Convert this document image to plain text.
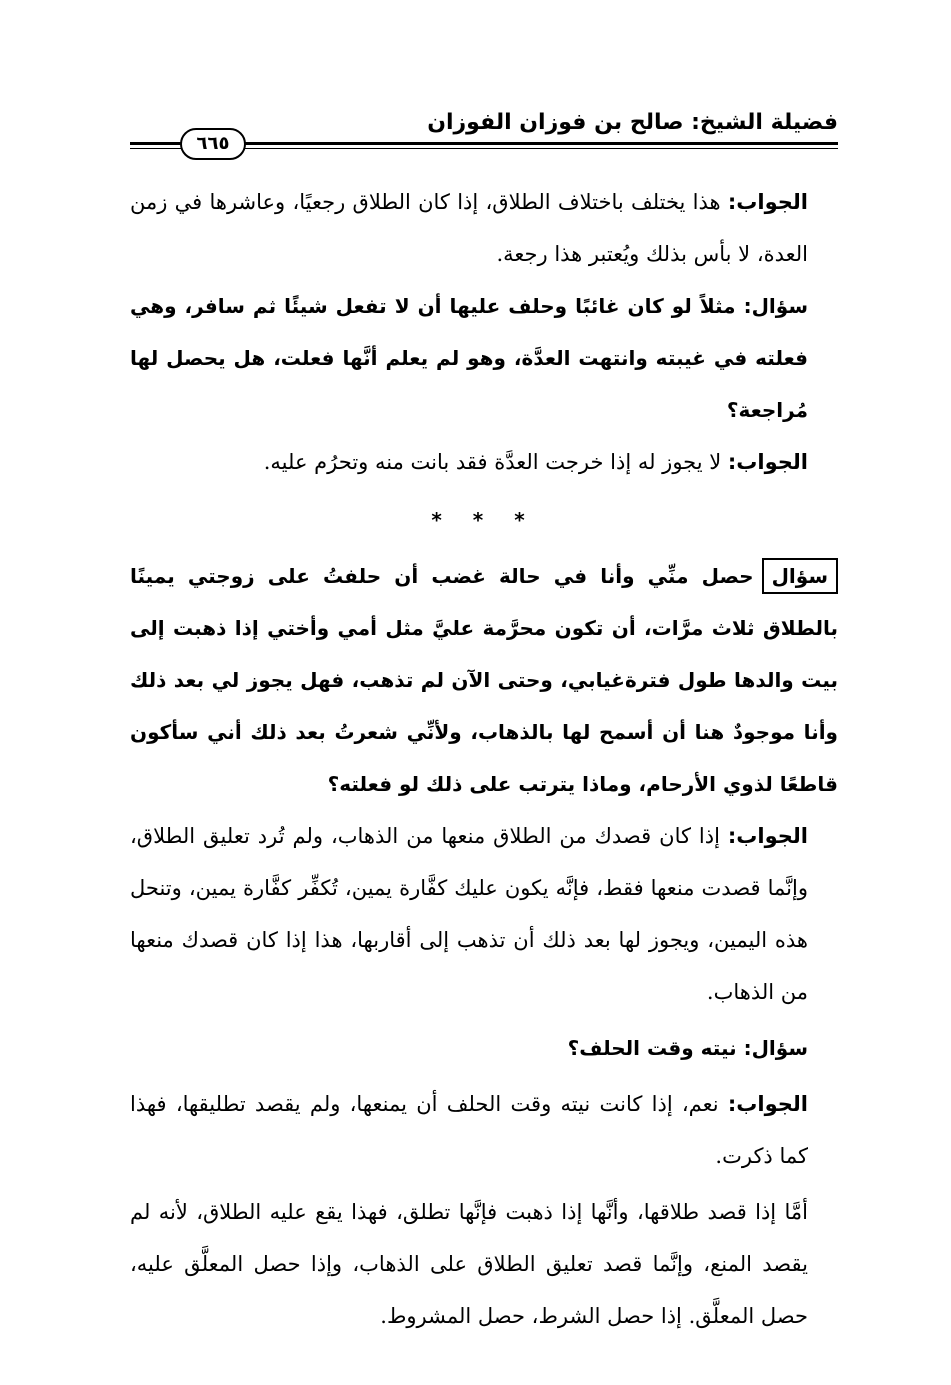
فضيلة الشيخ: صالح بن فوزان الفوزان
٦٦٥

الجواب: هذا يختلف باختلاف الطلاق، إذا كان الطلاق رجعيًا، وعاشرها في زمن العدة، لا بأس بذلك ويُعتبر هذا رجعة.

سؤال: مثلاً لو كان غائبًا وحلف عليها أن لا تفعل شيئًا ثم سافر، وهي فعلته في غيبته وانتهت العدَّة، وهو لم يعلم أنَّها فعلت، هل يحصل لها مُراجعة؟

الجواب: لا يجوز له إذا خرجت العدَّة فقد بانت منه وتحرُم عليه.

* * *

سؤالحصل منِّي وأنا في حالة غضب أن حلفتُ على زوجتي يمينًا بالطلاق ثلاث مرَّات، أن تكون محرَّمة عليَّ مثل أمي وأختي إذا ذهبت إلى بيت والدها طول فترةغيابي، وحتى الآن لم تذهب، فهل يجوز لي بعد ذلك وأنا موجودٌ هنا أن أسمح لها بالذهاب، ولأنِّي شعرتُ بعد ذلك أني سأكون قاطعًا لذوي الأرحام، وماذا يترتب على ذلك لو فعلته؟

الجواب: إذا كان قصدك من الطلاق منعها من الذهاب، ولم تُرد تعليق الطلاق، وإنَّما قصدت منعها فقط، فإنَّه يكون عليك كفَّارة يمين، تُكفِّر كفَّارة يمين، وتنحل هذه اليمين، ويجوز لها بعد ذلك أن تذهب إلى أقاربها، هذا إذا كان قصدك منعها من الذهاب.

سؤال: نيته وقت الحلف؟

الجواب: نعم، إذا كانت نيته وقت الحلف أن يمنعها، ولم يقصد تطليقها، فهذا كما ذكرت.

أمَّا إذا قصد طلاقها، وأنَّها إذا ذهبت فإنَّها تطلق، فهذا يقع عليه الطلاق، لأنه لم يقصد المنع، وإنَّما قصد تعليق الطلاق على الذهاب، وإذا حصل المعلَّق عليه، حصل المعلَّق. إذا حصل الشرط، حصل المشروط.
